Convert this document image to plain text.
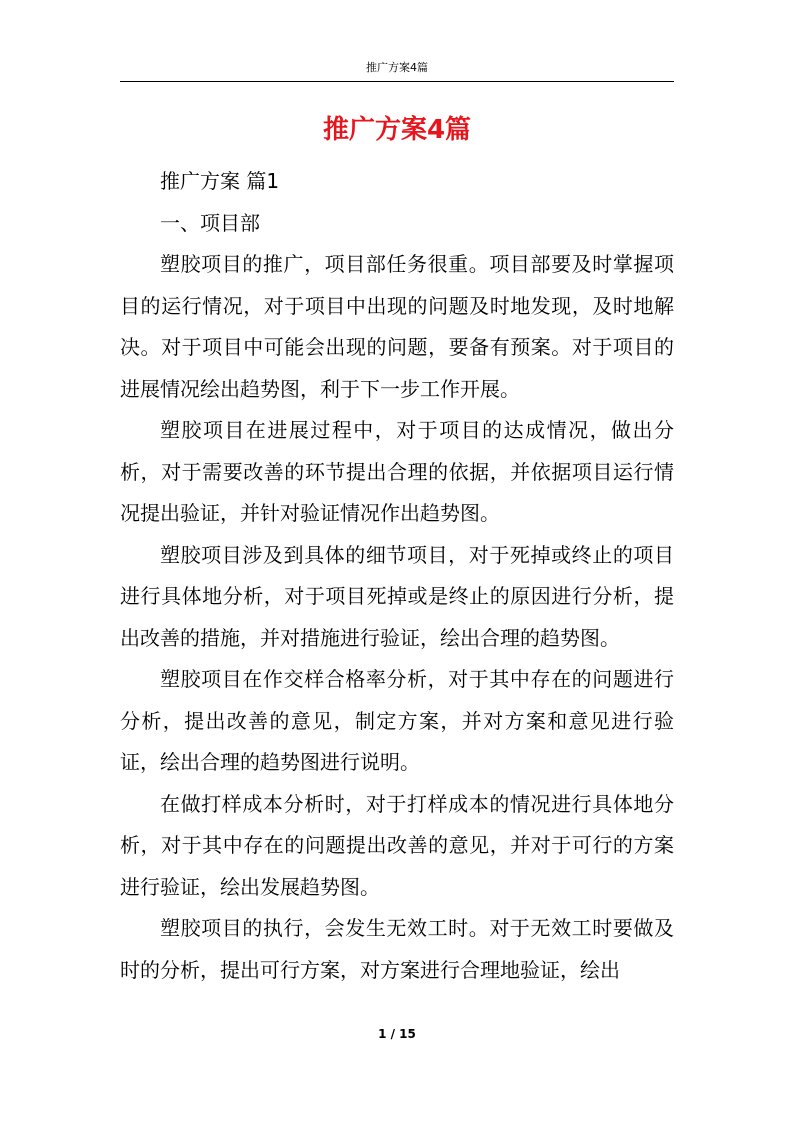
推广方案4篇
推广方案4篇

推广方案 篇1

一、项目部

塑胶项目的推广，项目部任务很重。项目部要及时掌握项目的运行情况，对于项目中出现的问题及时地发现，及时地解决。对于项目中可能会出现的问题，要备有预案。对于项目的进展情况绘出趋势图，利于下一步工作开展。

塑胶项目在进展过程中，对于项目的达成情况，做出分析，对于需要改善的环节提出合理的依据，并依据项目运行情况提出验证，并针对验证情况作出趋势图。

塑胶项目涉及到具体的细节项目，对于死掉或终止的项目进行具体地分析，对于项目死掉或是终止的原因进行分析，提出改善的措施，并对措施进行验证，绘出合理的趋势图。

塑胶项目在作交样合格率分析，对于其中存在的问题进行分析，提出改善的意见，制定方案，并对方案和意见进行验证，绘出合理的趋势图进行说明。

在做打样成本分析时，对于打样成本的情况进行具体地分析，对于其中存在的问题提出改善的意见，并对于可行的方案进行验证，绘出发展趋势图。

塑胶项目的执行，会发生无效工时。对于无效工时要做及时的分析，提出可行方案，对方案进行合理地验证，绘出

1 / 15
